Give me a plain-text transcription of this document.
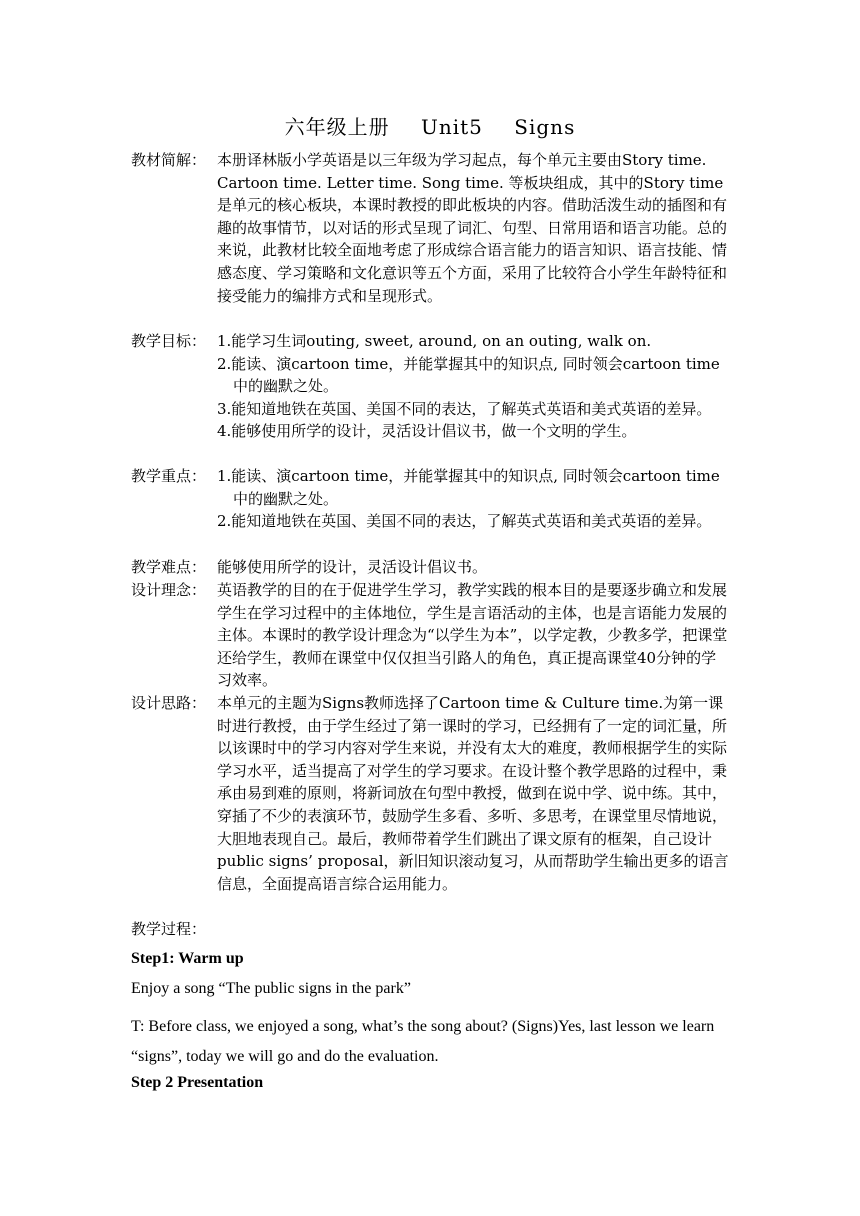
六年级上册 Unit5 Signs
教材简解： 本册译林版小学英语是以三年级为学习起点，每个单元主要由Story time. Cartoon time. Letter time. Song time. 等板块组成，其中的Story time是单元的核心板块，本课时教授的即此板块的内容。借助活泼生动的插图和有趣的故事情节，以对话的形式呈现了词汇、句型、日常用语和语言功能。总的来说，此教材比较全面地考虑了形成综合语言能力的语言知识、语言技能、情感态度、学习策略和文化意识等五个方面，采用了比较符合小学生年龄特征和接受能力的编排方式和呈现形式。

教学目标： 1.能学习生词outing, sweet, around, on an outing, walk on.

2.能读、演cartoon time，并能掌握其中的知识点, 同时领会cartoon time中的幽默之处。

3.能知道地铁在英国、美国不同的表达，了解英式英语和美式英语的差异。

4.能够使用所学的设计，灵活设计倡议书，做一个文明的学生。

教学重点： 1.能读、演cartoon time，并能掌握其中的知识点, 同时领会cartoon time中的幽默之处。

2.能知道地铁在英国、美国不同的表达，了解英式英语和美式英语的差异。

教学难点： 能够使用所学的设计，灵活设计倡议书。

设计理念： 英语教学的目的在于促进学生学习，教学实践的根本目的是要逐步确立和发展学生在学习过程中的主体地位，学生是言语活动的主体，也是言语能力发展的主体。本课时的教学设计理念为“以学生为本”，以学定教，少教多学，把课堂还给学生，教师在课堂中仅仅担当引路人的角色，真正提高课堂40分钟的学习效率。

设计思路： 本单元的主题为Signs教师选择了Cartoon time & Culture time.为第一课时进行教授，由于学生经过了第一课时的学习，已经拥有了一定的词汇量，所以该课时中的学习内容对学生来说，并没有太大的难度，教师根据学生的实际学习水平，适当提高了对学生的学习要求。在设计整个教学思路的过程中，秉承由易到难的原则，将新词放在句型中教授，做到在说中学、说中练。其中，穿插了不少的表演环节，鼓励学生多看、多听、多思考，在课堂里尽情地说，大胆地表现自己。最后，教师带着学生们跳出了课文原有的框架，自己设计public signs’ proposal，新旧知识滚动复习，从而帮助学生输出更多的语言信息，全面提高语言综合运用能力。

教学过程：

Step1: Warm up

Enjoy a song “The public signs in the park”

T: Before class, we enjoyed a song, what’s the song about? (Signs)Yes, last lesson we learn “signs”, today we will go and do the evaluation.

Step 2 Presentation
